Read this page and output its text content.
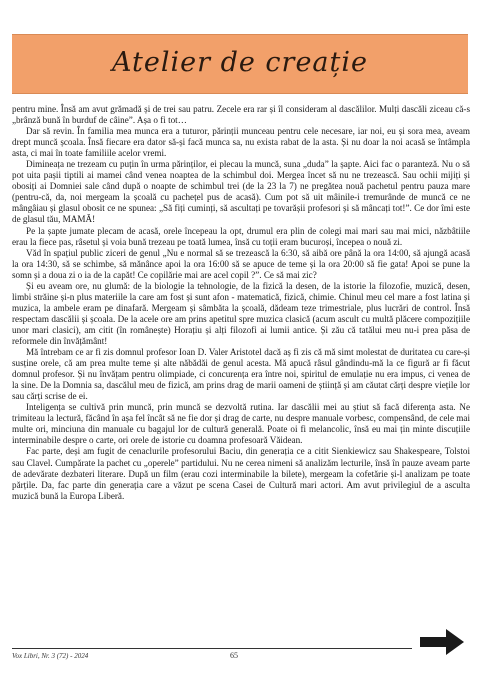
Atelier de creație

pentru mine. Însă am avut grămadă și de trei sau patru. Zecele era rar și îl consideram al dascălilor. Mulți dascăli ziceau că-s „brânză bună în burduf de câine”. Așa o fi tot…

Dar să revin. În familia mea munca era a tuturor, părinții munceau pentru cele necesare, iar noi, eu și sora mea, aveam drept muncă școala. Însă fiecare era dator să-și facă munca sa, nu exista rabat de la asta. Și nu doar la noi acasă se întâmpla asta, ci mai în toate familiile acelor vremi.

Dimineața ne trezeam cu puțin în urma părinților, ei plecau la muncă, suna „duda” la șapte. Aici fac o paranteză. Nu o să pot uita pașii tiptili ai mamei când venea noaptea de la schimbul doi. Mergea încet să nu ne trezească. Sau ochii mijiți și obosiți ai Domniei sale când după o noapte de schimbul trei (de la 23 la 7) ne pregătea nouă pachetul pentru pauza mare (pentru-că, da, noi mergeam la școală cu pachețel pus de acasă). Cum pot să uit mâinile-i tremurânde de muncă ce ne mângâiau și glasul obosit ce ne spunea: „Să fiți cuminți, să ascultați pe tovarășii profesori și să mâncați tot!”. Ce dor îmi este de glasul tău, MAMĂ!

Pe la șapte jumate plecam de acasă, orele începeau la opt, drumul era plin de colegi mai mari sau mai mici, năzbâtiile erau la fiece pas, râsetul și voia bună trezeau pe toată lumea, însă cu toții eram bucuroși, începea o nouă zi.

Văd în spațiul public ziceri de genul „Nu e normal să se trezească la 6:30, să aibă ore până la ora 14:00, să ajungă acasă la ora 14:30, să se schimbe, să mănânce apoi la ora 16:00 să se apuce de teme și la ora 20:00 să fie gata! Apoi se pune la somn și a doua zi o ia de la capăt! Ce copilărie mai are acel copil ?”. Ce să mai zic?

Și eu aveam ore, nu glumă: de la biologie la tehnologie, de la fizică la desen, de la istorie la filozofie, muzică, desen, limbi străine și-n plus materiile la care am fost și sunt afon - matematică, fizică, chimie. Chinul meu cel mare a fost latina și muzica, la ambele eram pe dinafară. Mergeam și sâmbăta la școală, dădeam teze trimestriale, plus lucrări de control. Însă respectam dascălii și școala. De la acele ore am prins apetitul spre muzica clasică (acum ascult cu multă plăcere compozițiile unor mari clasici), am citit (în românește) Horațiu și alți filozofi ai lumii antice. Și zău că tatălui meu nu-i prea păsa de reformele din învățământ!

Mă întrebam ce ar fi zis domnul profesor Ioan D. Valer Aristotel dacă aș fi zis că mă simt molestat de duritatea cu care-și susține orele, că am prea multe teme și alte năbădăi de genul acesta. Mă apucă râsul gândindu-mă la ce figură ar fi făcut domnul profesor. Și nu învățam pentru olimpiade, ci concurența era între noi, spiritul de emulație nu era impus, ci venea de la sine. De la Domnia sa, dascălul meu de fizică, am prins drag de marii oameni de știință și am căutat cărți despre viețile lor sau cărți scrise de ei.

Inteligența se cultivă prin muncă, prin muncă se dezvoltă rutina. Iar dascălii mei au știut să facă diferența asta. Ne trimiteau la lectură, făcând în așa fel încât să ne fie dor și drag de carte, nu despre manuale vorbesc, compensând, de cele mai multe ori, minciuna din manuale cu bagajul lor de cultură generală. Poate oi fi melancolic, însă eu mai țin minte discuțiile interminabile despre o carte, ori orele de istorie cu doamna profesoară Văidean.

Fac parte, deși am fugit de cenaclurile profesorului Baciu, din generația ce a citit Sienkiewicz sau Shakespeare, Tolstoi sau Clavel. Cumpărate la pachet cu „operele” partidului. Nu ne cerea nimeni să analizăm lecturile, însă în pauze aveam parte de adevărate dezbateri literare. După un film (erau cozi interminabile la bilete), mergeam la cofetărie și-l analizam pe toate părțile. Da, fac parte din generația care a văzut pe scena Casei de Cultură mari actori. Am avut privilegiul de a asculta muzică bună la Europa Liberă.

Vox Libri, Nr. 3 (72) - 2024	65
